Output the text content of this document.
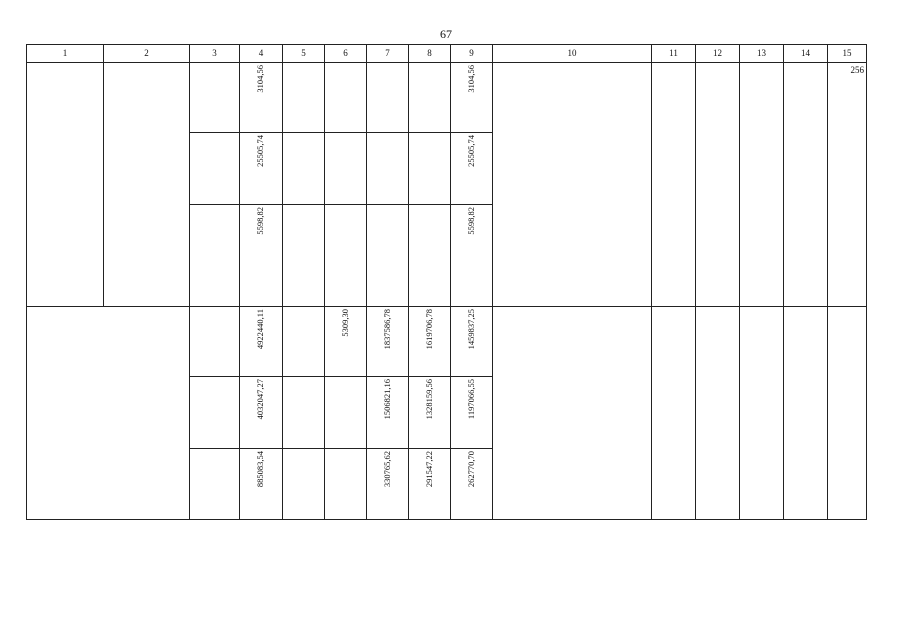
67
1	2	3	4	5	6	7	8	9	10	11	12	13	14	15
			3104,56					3104,56						256
			25505,74					25505,74						
			5598,82					5598,82						
			4922440,11		5309,30	1837586,78	1619706,78	1459837,25						
			4032047,27			1506821,16	1328159,56	1197066,55						
			885083,54			330765,62	291547,22	262770,70						
